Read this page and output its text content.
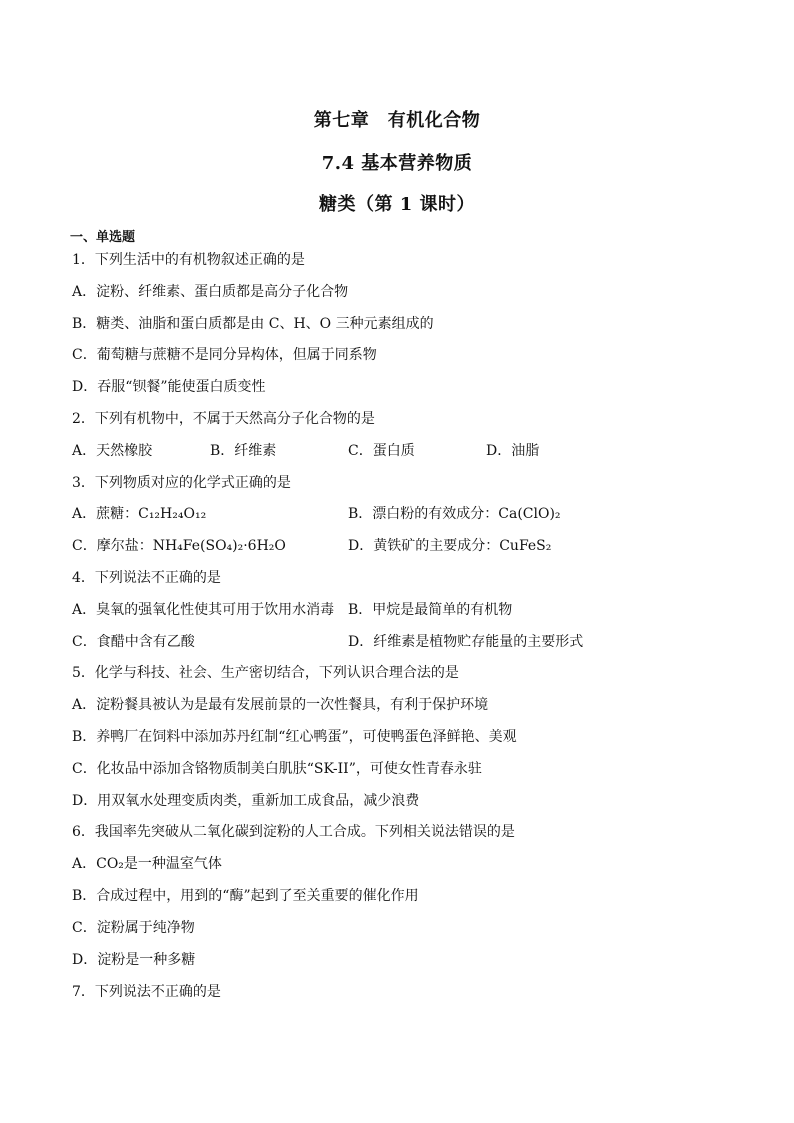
第七章　有机化合物
7.4 基本营养物质
糖类（第 1 课时）
一、单选题
1．下列生活中的有机物叙述正确的是
A．淀粉、纤维素、蛋白质都是高分子化合物
B．糖类、油脂和蛋白质都是由 C、H、O 三种元素组成的
C．葡萄糖与蔗糖不是同分异构体，但属于同系物
D．吞服“钡餐”能使蛋白质变性
2．下列有机物中，不属于天然高分子化合物的是
A．天然橡胶	B．纤维素	C．蛋白质	D．油脂
3．下列物质对应的化学式正确的是
A．蔗糖：C₁₂H₂₄O₁₂	B．漂白粉的有效成分：Ca(ClO)₂
C．摩尔盐：NH₄Fe(SO₄)₂·6H₂O	D．黄铁矿的主要成分：CuFeS₂
4．下列说法不正确的是
A．臭氧的强氧化性使其可用于饮用水消毒 B．甲烷是最简单的有机物
C．食醋中含有乙酸	D．纤维素是植物贮存能量的主要形式
5．化学与科技、社会、生产密切结合，下列认识合理合法的是
A．淀粉餐具被认为是最有发展前景的一次性餐具，有利于保护环境
B．养鸭厂在饲料中添加苏丹红制“红心鸭蛋”，可使鸭蛋色泽鲜艳、美观
C．化妆品中添加含铬物质制美白肌肤“SK-II”，可使女性青春永驻
D．用双氧水处理变质肉类，重新加工成食品，减少浪费
6．我国率先突破从二氧化碳到淀粉的人工合成。下列相关说法错误的是
A．CO₂是一种温室气体
B．合成过程中，用到的“酶”起到了至关重要的催化作用
C．淀粉属于纯净物
D．淀粉是一种多糖
7．下列说法不正确的是
